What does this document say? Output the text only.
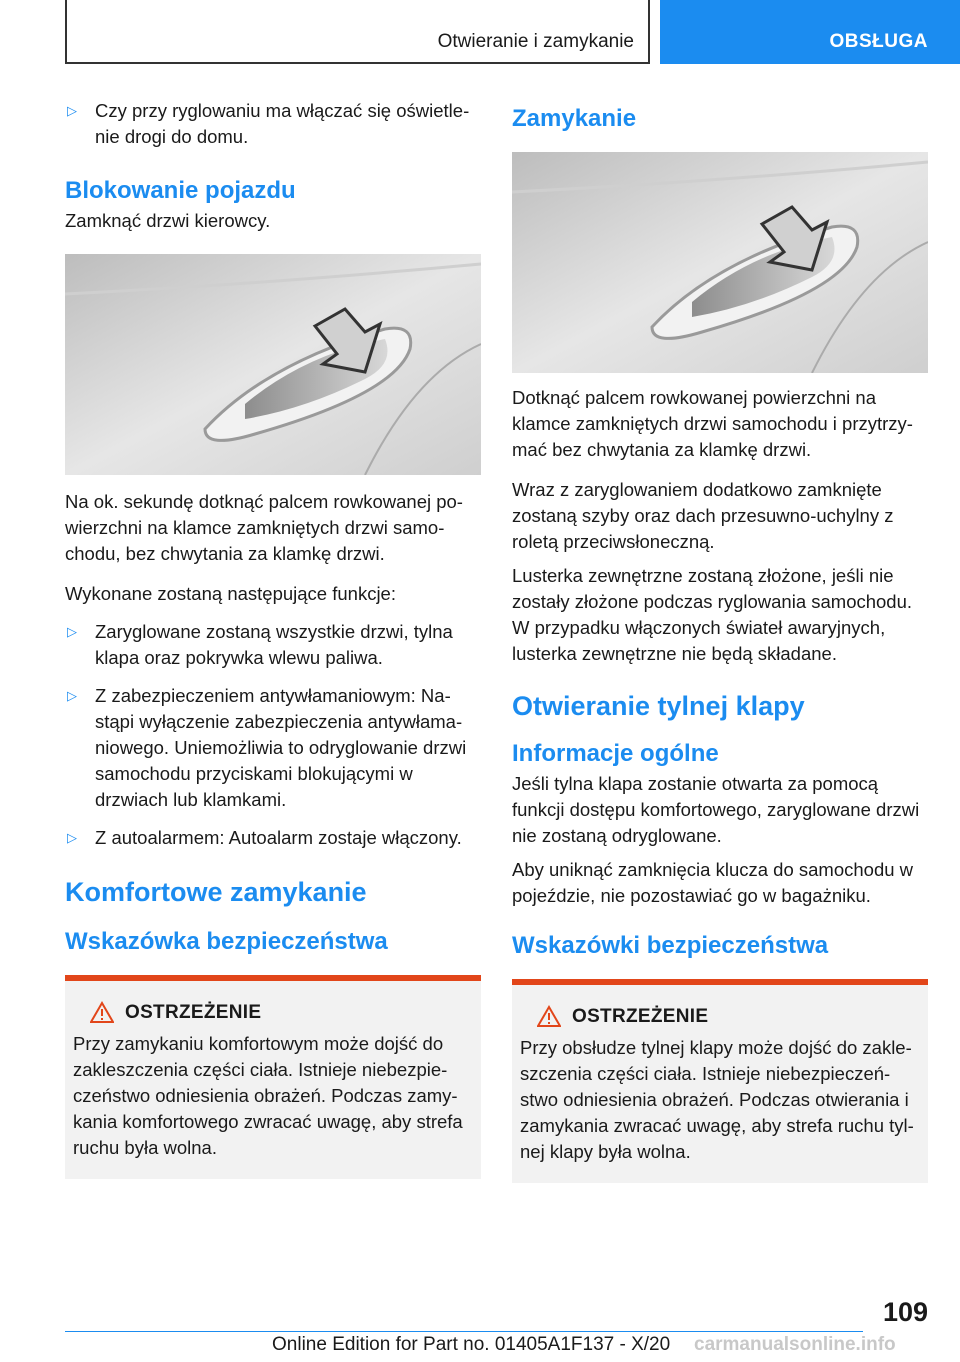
Otwieranie i zamykanie	OBSŁUGA
▷ Czy przy ryglowaniu ma włączać się oświetle-nie drogi do domu.
Blokowanie pojazdu

Zamknąć drzwi kierowcy.

Na ok. sekundę dotknąć palcem rowkowanej po-wierzchni na klamce zamkniętych drzwi samo-chodu, bez chwytania za klamkę drzwi.

Wykonane zostaną następujące funkcje:

▷ Zaryglowane zostaną wszystkie drzwi, tylna klapa oraz pokrywka wlewu paliwa.
▷ Z zabezpieczeniem antywłamaniowym: Na-stąpi wyłączenie zabezpieczenia antywłama-niowego. Uniemożliwia to odryglowanie drzwi samochodu przyciskami blokującymi w drzwiach lub klamkami.
▷ Z autoalarmem: Autoalarm zostaje włączony.
Komfortowe zamykanie
Wskazówka bezpieczeństwa
OSTRZEŻENIE

Przy zamykaniu komfortowym może dojść do zakleszczenia części ciała. Istnieje niebezpie-czeństwo odniesienia obrażeń. Podczas zamy-kania komfortowego zwracać uwagę, aby strefa ruchu była wolna.

Zamykanie

Dotknąć palcem rowkowanej powierzchni na klamce zamkniętych drzwi samochodu i przytrzy-mać bez chwytania za klamkę drzwi.

Wraz z zaryglowaniem dodatkowo zamknięte zostaną szyby oraz dach przesuwno-uchylny z roletą przeciwsłoneczną.

Lusterka zewnętrzne zostaną złożone, jeśli nie zostały złożone podczas ryglowania samochodu. W przypadku włączonych świateł awaryjnych, lusterka zewnętrzne nie będą składane.

Otwieranie tylnej klapy
Informacje ogólne

Jeśli tylna klapa zostanie otwarta za pomocą funkcji dostępu komfortowego, zaryglowane drzwi nie zostaną odryglowane.

Aby uniknąć zamknięcia klucza do samochodu w pojeździe, nie pozostawiać go w bagażniku.

Wskazówki bezpieczeństwa
OSTRZEŻENIE

Przy obsłudze tylnej klapy może dojść do zakle-szczenia części ciała. Istnieje niebezpieczeń-stwo odniesienia obrażeń. Podczas otwierania i zamykania zwracać uwagę, aby strefa ruchu tyl-nej klapy była wolna.

109
Online Edition for Part no. 01405A1F137 - X/20 carmanualsonline.info
